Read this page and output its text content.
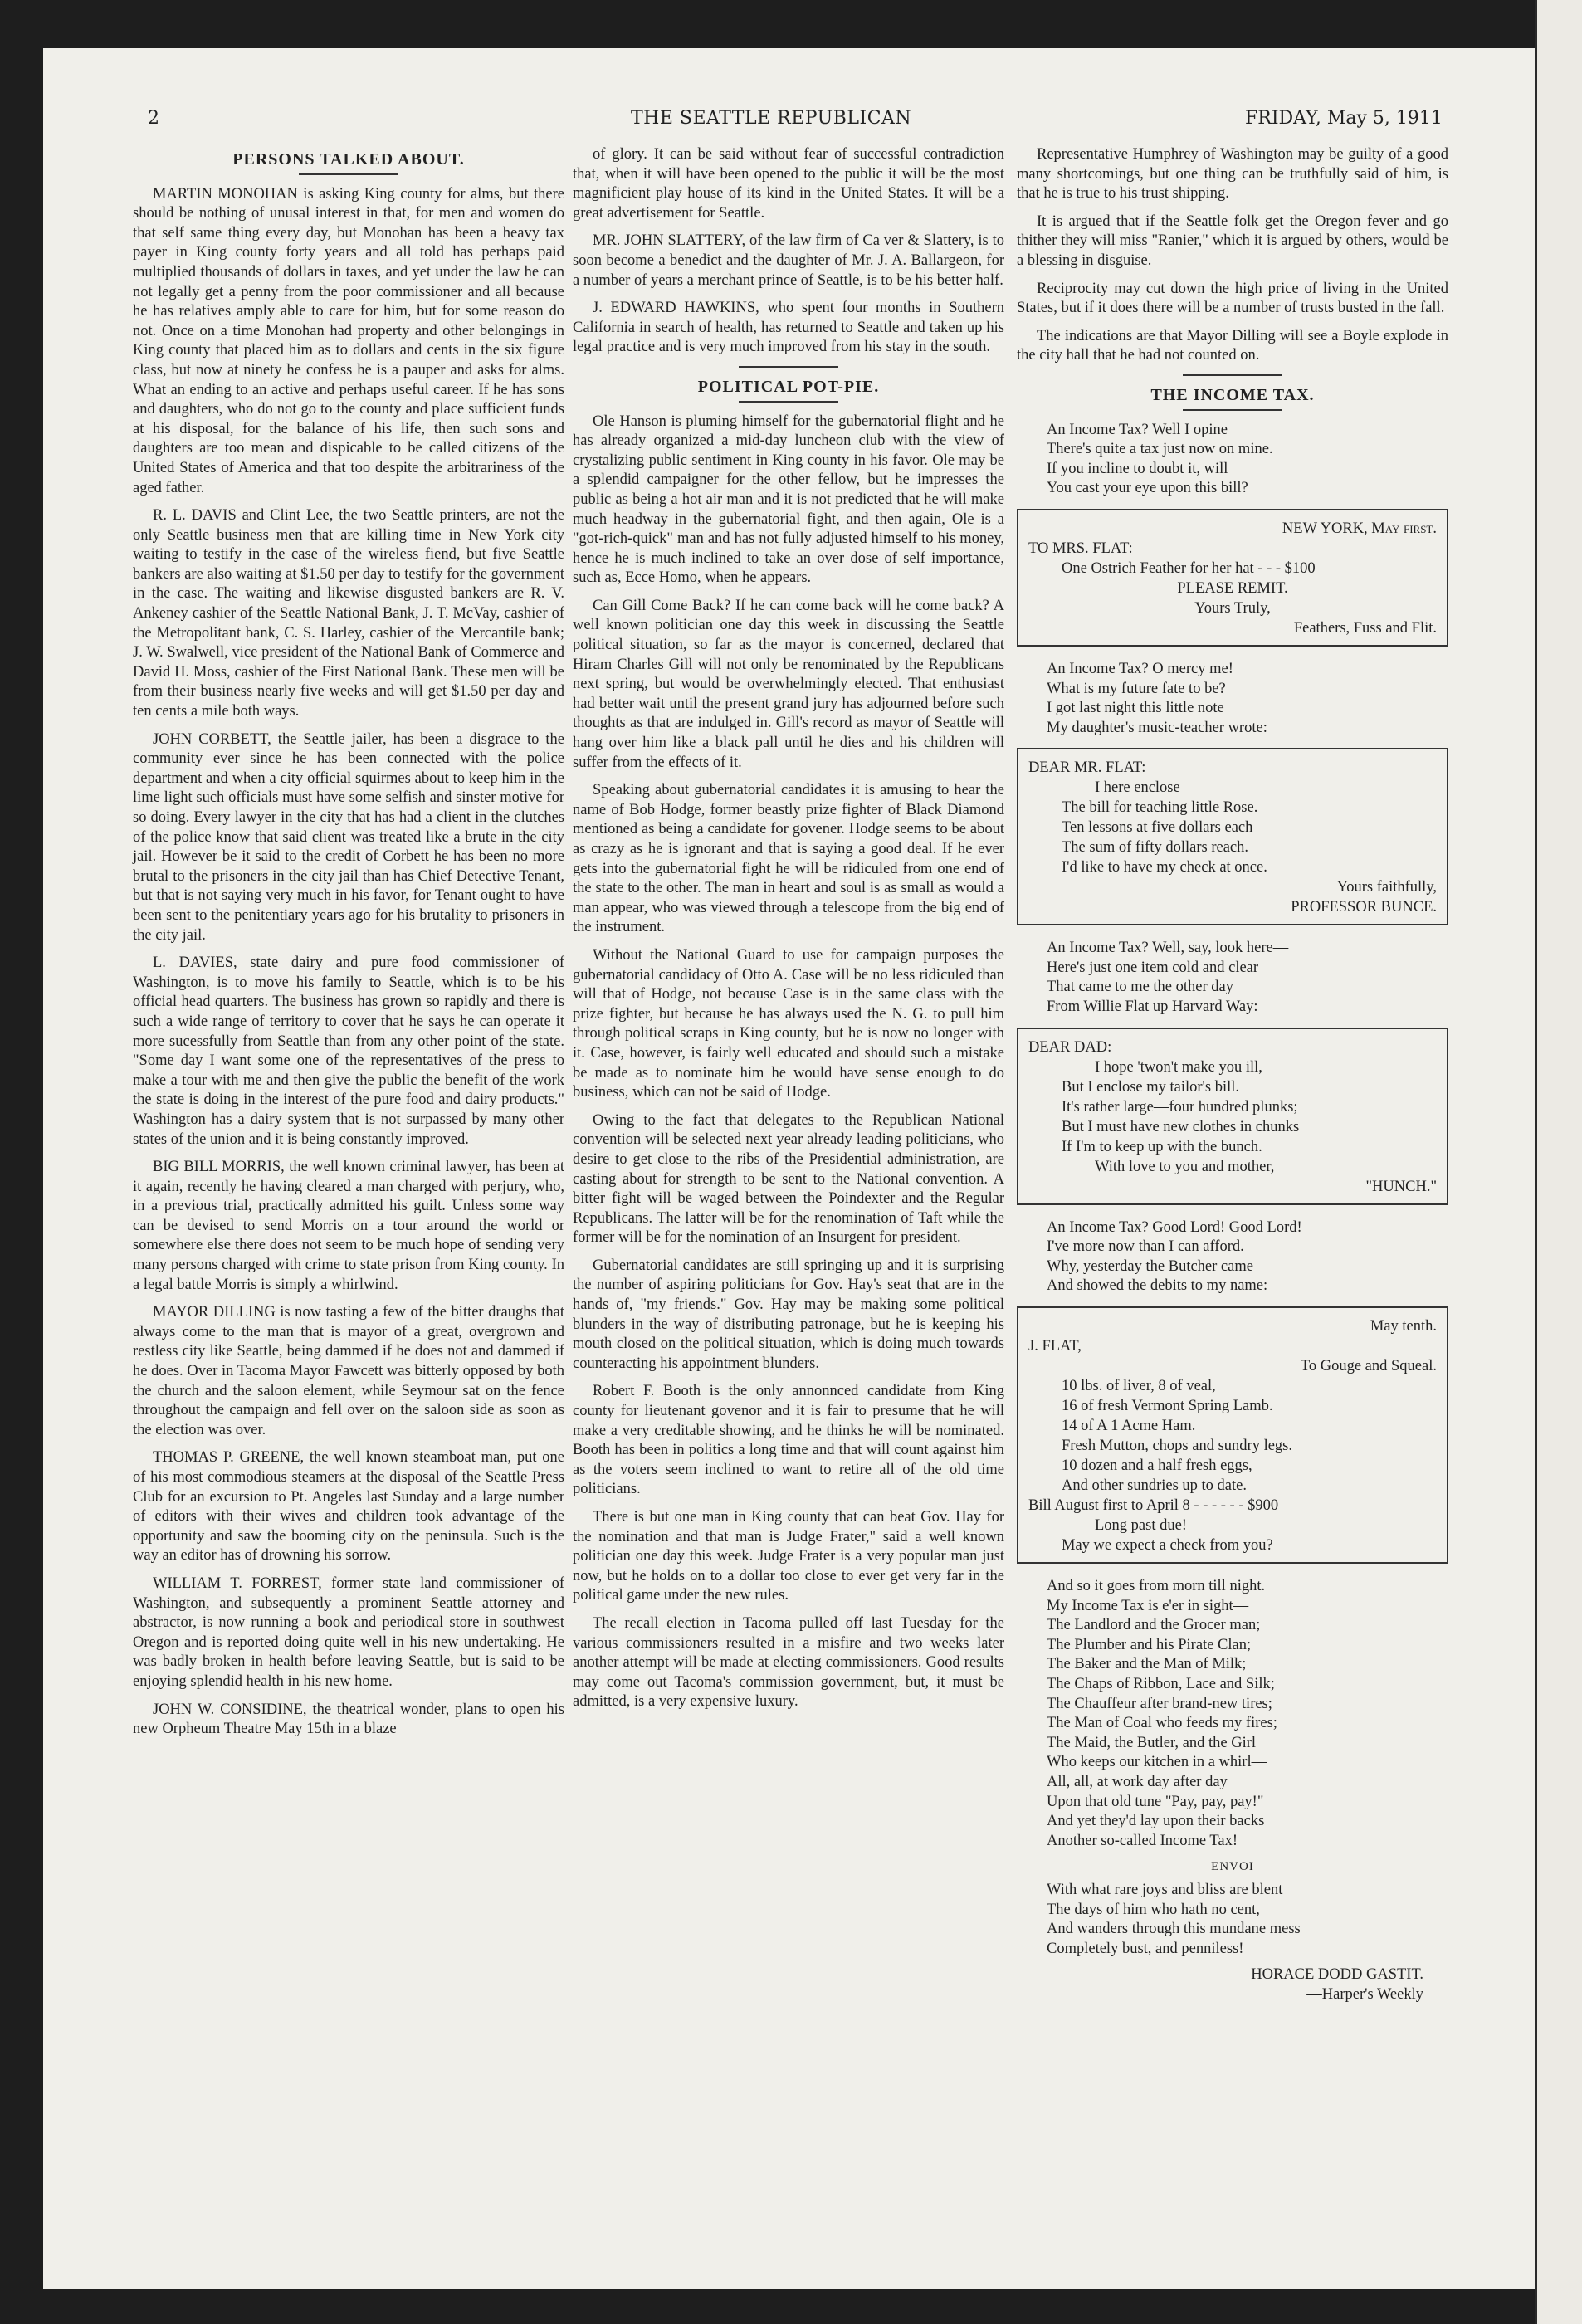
2	THE SEATTLE REPUBLICAN	FRIDAY, May 5, 1911
PERSONS TALKED ABOUT.

MARTIN MONOHAN is asking King county for alms, but there should be nothing of unusal interest in that, for men and women do that self same thing every day, but Monohan has been a heavy tax payer in King county forty years and all told has perhaps paid multiplied thousands of dollars in taxes, and yet under the law he can not legally get a penny from the poor commissioner and all because he has relatives amply able to care for him, but for some reason do not. Once on a time Monohan had property and other belongings in King county that placed him as to dollars and cents in the six figure class, but now at ninety he confess he is a pauper and asks for alms. What an ending to an active and perhaps useful career. If he has sons and daughters, who do not go to the county and place sufficient funds at his disposal, for the balance of his life, then such sons and daughters are too mean and dispicable to be called citizens of the United States of America and that too despite the arbitrariness of the aged father.

R. L. DAVIS and Clint Lee, the two Seattle printers, are not the only Seattle business men that are killing time in New York city waiting to testify in the case of the wireless fiend, but five Seattle bankers are also waiting at $1.50 per day to testify for the government in the case. The waiting and likewise disgusted bankers are R. V. Ankeney cashier of the Seattle National Bank, J. T. McVay, cashier of the Metropolitant bank, C. S. Harley, cashier of the Mercantile bank; J. W. Swalwell, vice president of the National Bank of Commerce and David H. Moss, cashier of the First National Bank. These men will be from their business nearly five weeks and will get $1.50 per day and ten cents a mile both ways.

JOHN CORBETT, the Seattle jailer, has been a disgrace to the community ever since he has been connected with the police department and when a city official squirmes about to keep him in the lime light such officials must have some selfish and sinster motive for so doing. Every lawyer in the city that has had a client in the clutches of the police know that said client was treated like a brute in the city jail. However be it said to the credit of Corbett he has been no more brutal to the prisoners in the city jail than has Chief Detective Tenant, but that is not saying very much in his favor, for Tenant ought to have been sent to the penitentiary years ago for his brutality to prisoners in the city jail.

L. DAVIES, state dairy and pure food commissioner of Washington, is to move his family to Seattle, which is to be his official head quarters. The business has grown so rapidly and there is such a wide range of territory to cover that he says he can operate it more sucessfully from Seattle than from any other point of the state. "Some day I want some one of the representatives of the press to make a tour with me and then give the public the benefit of the work the state is doing in the interest of the pure food and dairy products." Washington has a dairy system that is not surpassed by many other states of the union and it is being constantly improved.

BIG BILL MORRIS, the well known criminal lawyer, has been at it again, recently he having cleared a man charged with perjury, who, in a previous trial, practically admitted his guilt. Unless some way can be devised to send Morris on a tour around the world or somewhere else there does not seem to be much hope of sending very many persons charged with crime to state prison from King county. In a legal battle Morris is simply a whirlwind.

MAYOR DILLING is now tasting a few of the bitter draughs that always come to the man that is mayor of a great, overgrown and restless city like Seattle, being dammed if he does not and dammed if he does. Over in Tacoma Mayor Fawcett was bitterly opposed by both the church and the saloon element, while Seymour sat on the fence throughout the campaign and fell over on the saloon side as soon as the election was over.

THOMAS P. GREENE, the well known steamboat man, put one of his most commodious steamers at the disposal of the Seattle Press Club for an excursion to Pt. Angeles last Sunday and a large number of editors with their wives and children took advantage of the opportunity and saw the booming city on the peninsula. Such is the way an editor has of drowning his sorrow.

WILLIAM T. FORREST, former state land commissioner of Washington, and subsequently a prominent Seattle attorney and abstractor, is now running a book and periodical store in southwest Oregon and is reported doing quite well in his new undertaking. He was badly broken in health before leaving Seattle, but is said to be enjoying splendid health in his new home.

JOHN W. CONSIDINE, the theatrical wonder, plans to open his new Orpheum Theatre May 15th in a blaze

of glory. It can be said without fear of successful contradiction that, when it will have been opened to the public it will be the most magnificient play house of its kind in the United States. It will be a great advertisement for Seattle.

MR. JOHN SLATTERY, of the law firm of Ca ver & Slattery, is to soon become a benedict and the daughter of Mr. J. A. Ballargeon, for a number of years a merchant prince of Seattle, is to be his better half.

J. EDWARD HAWKINS, who spent four months in Southern California in search of health, has returned to Seattle and taken up his legal practice and is very much improved from his stay in the south.

POLITICAL POT-PIE.

Ole Hanson is pluming himself for the gubernatorial flight and he has already organized a mid-day luncheon club with the view of crystalizing public sentiment in King county in his favor. Ole may be a splendid campaigner for the other fellow, but he impresses the public as being a hot air man and it is not predicted that he will make much headway in the gubernatorial fight, and then again, Ole is a "got-rich-quick" man and has not fully adjusted himself to his money, hence he is much inclined to take an over dose of self importance, such as, Ecce Homo, when he appears.

Can Gill Come Back? If he can come back will he come back? A well known politician one day this week in discussing the Seattle political situation, so far as the mayor is concerned, declared that Hiram Charles Gill will not only be renominated by the Republicans next spring, but would be overwhelmingly elected. That enthusiast had better wait until the present grand jury has adjourned before such thoughts as that are indulged in. Gill's record as mayor of Seattle will hang over him like a black pall until he dies and his children will suffer from the effects of it.

Speaking about gubernatorial candidates it is amusing to hear the name of Bob Hodge, former beastly prize fighter of Black Diamond mentioned as being a candidate for govener. Hodge seems to be about as crazy as he is ignorant and that is saying a good deal. If he ever gets into the gubernatorial fight he will be ridiculed from one end of the state to the other. The man in heart and soul is as small as would a man appear, who was viewed through a telescope from the big end of the instrument.

Without the National Guard to use for campaign purposes the gubernatorial candidacy of Otto A. Case will be no less ridiculed than will that of Hodge, not because Case is in the same class with the prize fighter, but because he has always used the N. G. to pull him through political scraps in King county, but he is now no longer with it. Case, however, is fairly well educated and should such a mistake be made as to nominate him he would have sense enough to do business, which can not be said of Hodge.

Owing to the fact that delegates to the Republican National convention will be selected next year already leading politicians, who desire to get close to the ribs of the Presidential administration, are casting about for strength to be sent to the National convention. A bitter fight will be waged between the Poindexter and the Regular Republicans. The latter will be for the renomination of Taft while the former will be for the nomination of an Insurgent for president.

Gubernatorial candidates are still springing up and it is surprising the number of aspiring politicians for Gov. Hay's seat that are in the hands of, "my friends." Gov. Hay may be making some political blunders in the way of distributing patronage, but he is keeping his mouth closed on the political situation, which is doing much towards counteracting his appointment blunders.

Robert F. Booth is the only annonnced candidate from King county for lieutenant govenor and it is fair to presume that he will make a very creditable showing, and he thinks he will be nominated. Booth has been in politics a long time and that will count against him as the voters seem inclined to want to retire all of the old time politicians.

There is but one man in King county that can beat Gov. Hay for the nomination and that man is Judge Frater," said a well known politician one day this week. Judge Frater is a very popular man just now, but he holds on to a dollar too close to ever get very far in the political game under the new rules.

The recall election in Tacoma pulled off last Tuesday for the various commissioners resulted in a misfire and two weeks later another attempt will be made at electing commissioners. Good results may come out Tacoma's commission government, but, it must be admitted, is a very expensive luxury.

Representative Humphrey of Washington may be guilty of a good many shortcomings, but one thing can be truthfully said of him, is that he is true to his trust shipping.

It is argued that if the Seattle folk get the Oregon fever and go thither they will miss "Ranier," which it is argued by others, would be a blessing in disguise.

Reciprocity may cut down the high price of living in the United States, but if it does there will be a number of trusts busted in the fall.

The indications are that Mayor Dilling will see a Boyle explode in the city hall that he had not counted on.

THE INCOME TAX.
An Income Tax? Well I opine
There's quite a tax just now on mine.
If you incline to doubt it, will
You cast your eye upon this bill?
NEW YORK, May first.
TO MRS. FLAT:
One Ostrich Feather for her hat - - - $100
PLEASE REMIT.
Yours Truly,
Feathers, Fuss and Flit.
An Income Tax? O mercy me!
What is my future fate to be?
I got last night this little note
My daughter's music-teacher wrote:
DEAR MR. FLAT:
I here enclose
The bill for teaching little Rose.
Ten lessons at five dollars each
The sum of fifty dollars reach.
I'd like to have my check at once.
Yours faithfully,
PROFESSOR BUNCE.
An Income Tax? Well, say, look here—
Here's just one item cold and clear
That came to me the other day
From Willie Flat up Harvard Way:
DEAR DAD:
I hope 'twon't make you ill,
But I enclose my tailor's bill.
It's rather large—four hundred plunks;
But I must have new clothes in chunks
If I'm to keep up with the bunch.
With love to you and mother,
"HUNCH."
An Income Tax? Good Lord! Good Lord!
I've more now than I can afford.
Why, yesterday the Butcher came
And showed the debits to my name:
May tenth.
J. FLAT,
To Gouge and Squeal.
10 lbs. of liver, 8 of veal,
16 of fresh Vermont Spring Lamb.
14 of A 1 Acme Ham.
Fresh Mutton, chops and sundry legs.
10 dozen and a half fresh eggs,
And other sundries up to date.
Bill August first to April 8 - - - - - - $900
Long past due!
May we expect a check from you?
And so it goes from morn till night.
My Income Tax is e'er in sight—
The Landlord and the Grocer man;
The Plumber and his Pirate Clan;
The Baker and the Man of Milk;
The Chaps of Ribbon, Lace and Silk;
The Chauffeur after brand-new tires;
The Man of Coal who feeds my fires;
The Maid, the Butler, and the Girl
Who keeps our kitchen in a whirl—
All, all, at work day after day
Upon that old tune "Pay, pay, pay!"
And yet they'd lay upon their backs
Another so-called Income Tax!
ENVOI
With what rare joys and bliss are blent
The days of him who hath no cent,
And wanders through this mundane mess
Completely bust, and penniless!
HORACE DODD GASTIT.
—Harper's Weekly
